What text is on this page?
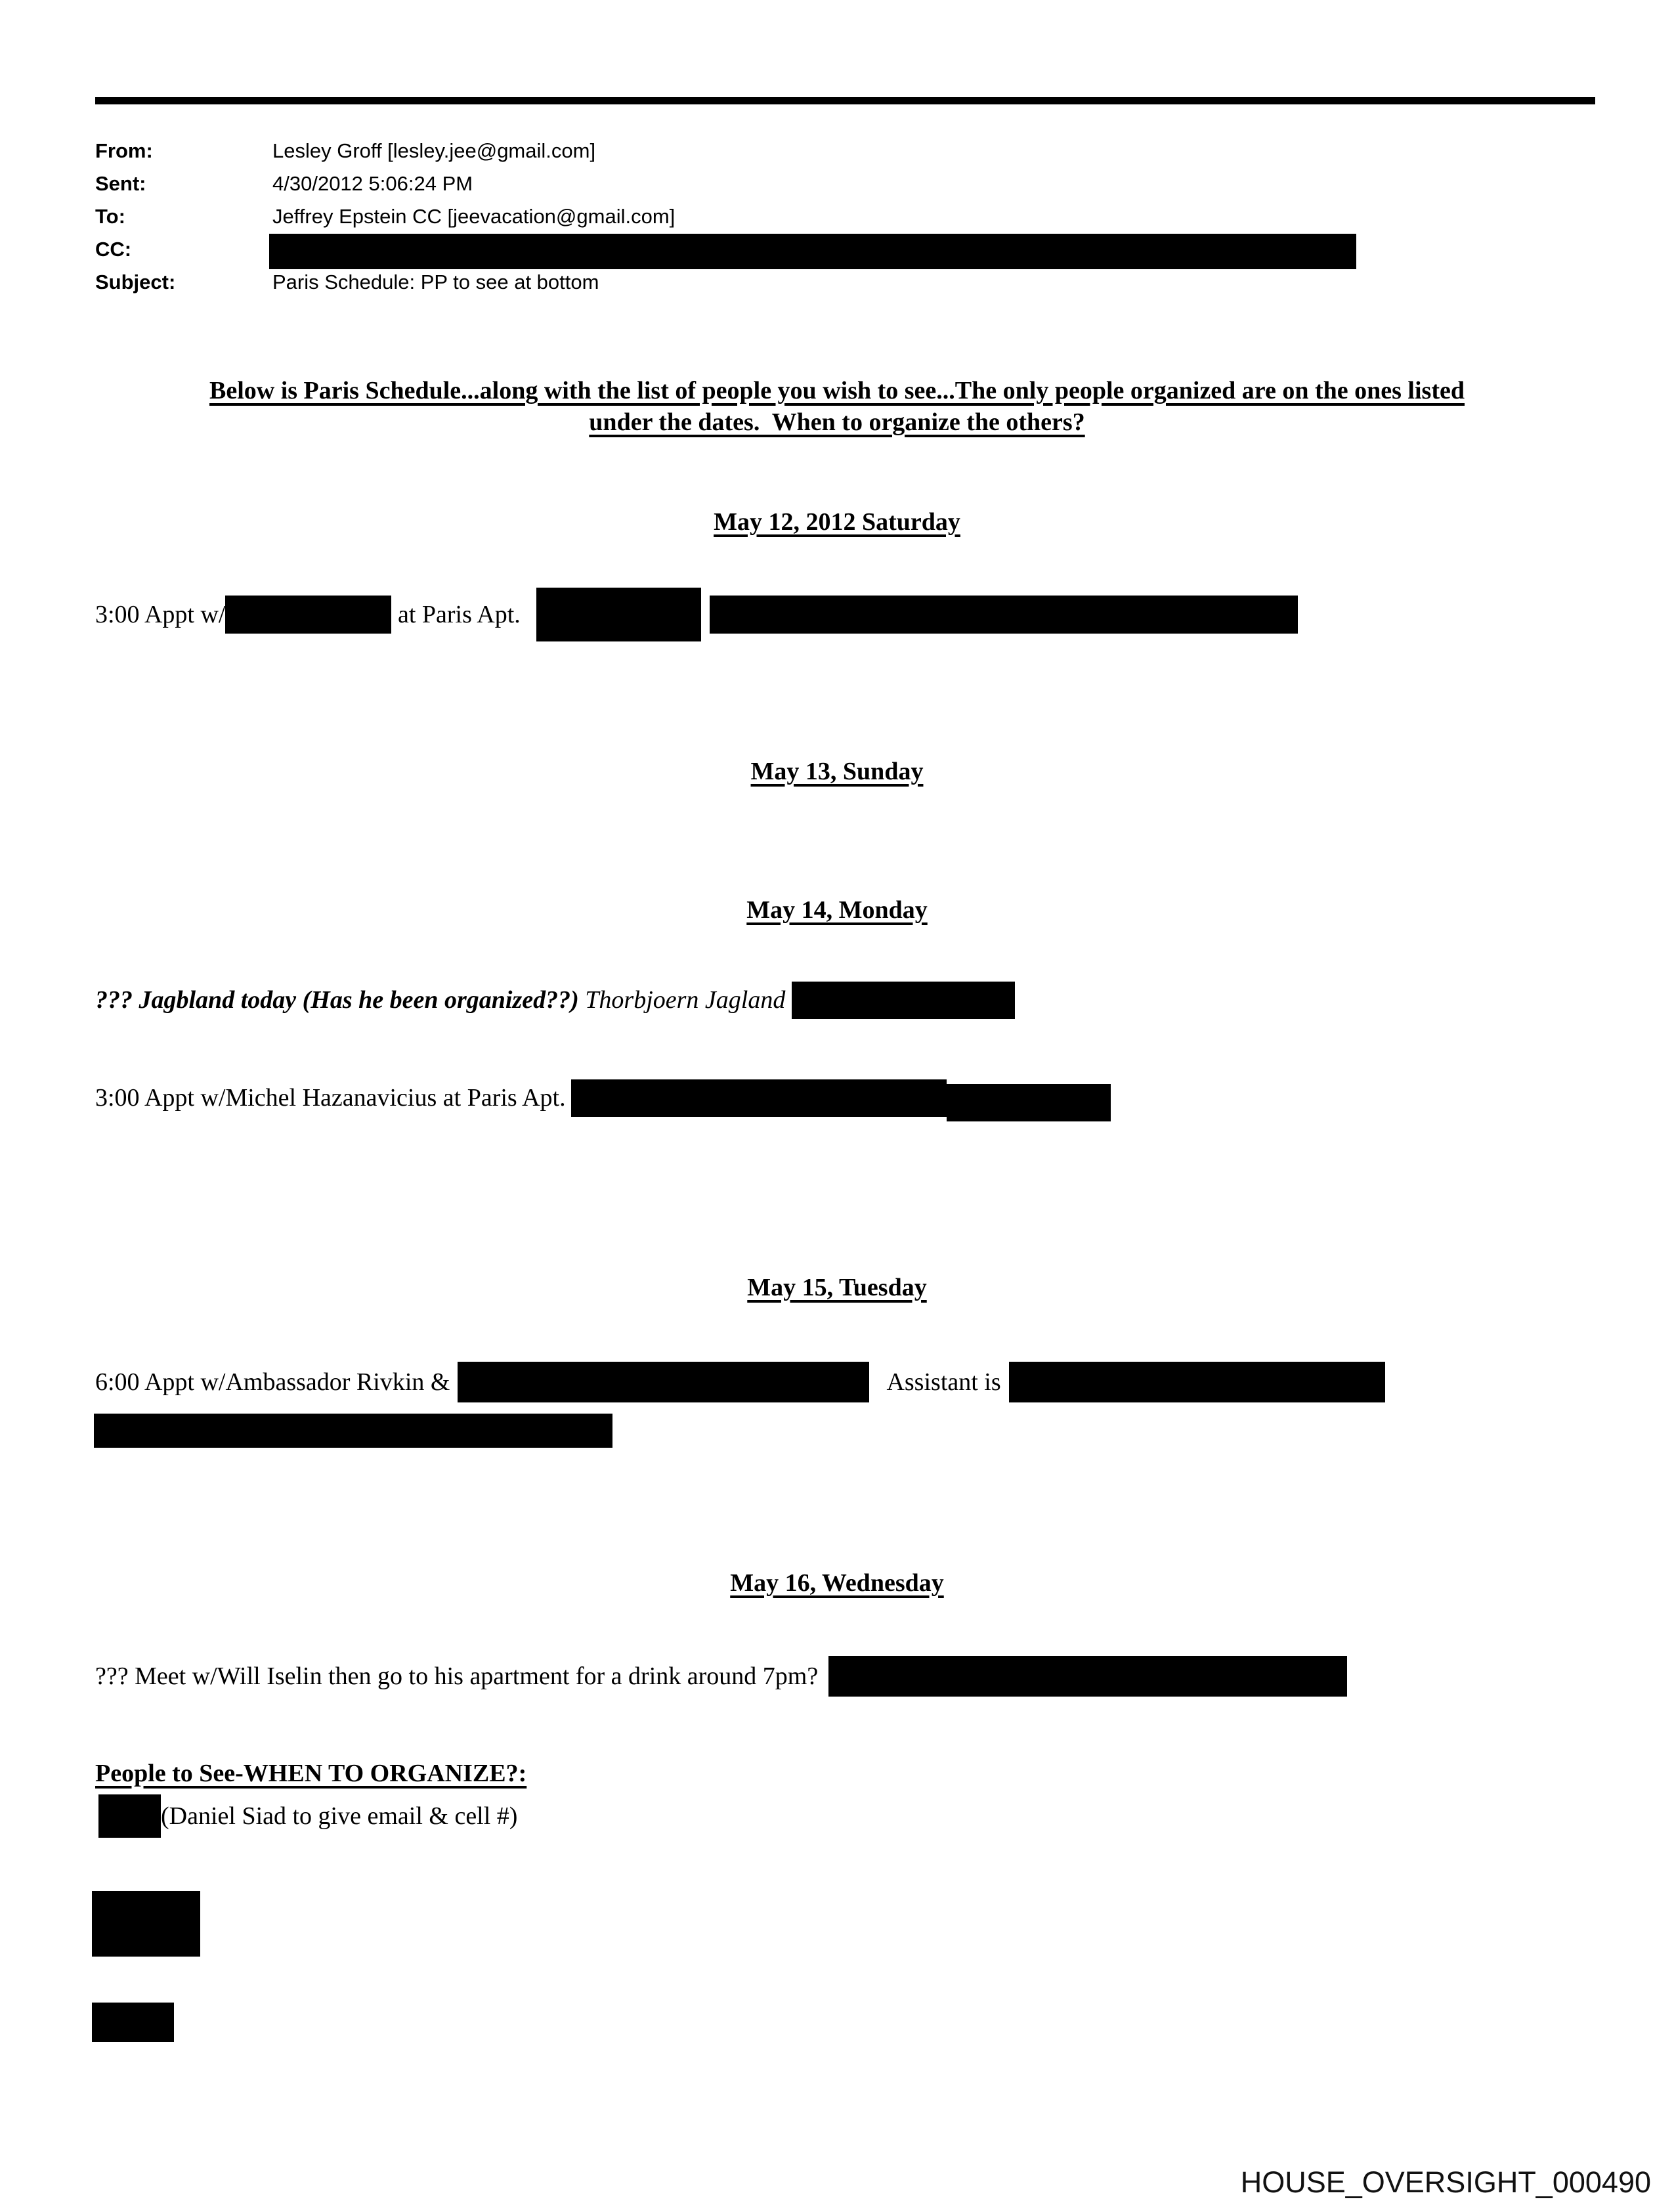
From:	Lesley Groff [lesley.jee@gmail.com]
Sent:	4/30/2012 5:06:24 PM
To:	Jeffrey Epstein CC [jeevacation@gmail.com]
CC:
Subject:	Paris Schedule: PP to see at bottom
Below is Paris Schedule...along with the list of people you wish to see...The only people organized are on the ones listed
under the dates.  When to organize the others?
May 12, 2012 Saturday
3:00 Appt w/	at Paris Apt.
May 13, Sunday
May 14, Monday
??? Jagbland today (Has he been organized??) Thorbjoern Jagland
3:00 Appt w/Michel Hazanavicius at Paris Apt.
May 15, Tuesday
6:00 Appt w/Ambassador Rivkin &	Assistant is
May 16, Wednesday
??? Meet w/Will Iselin then go to his apartment for a drink around 7pm?
People to See-WHEN TO ORGANIZE?:
(Daniel Siad to give email & cell #)
HOUSE_OVERSIGHT_000490
